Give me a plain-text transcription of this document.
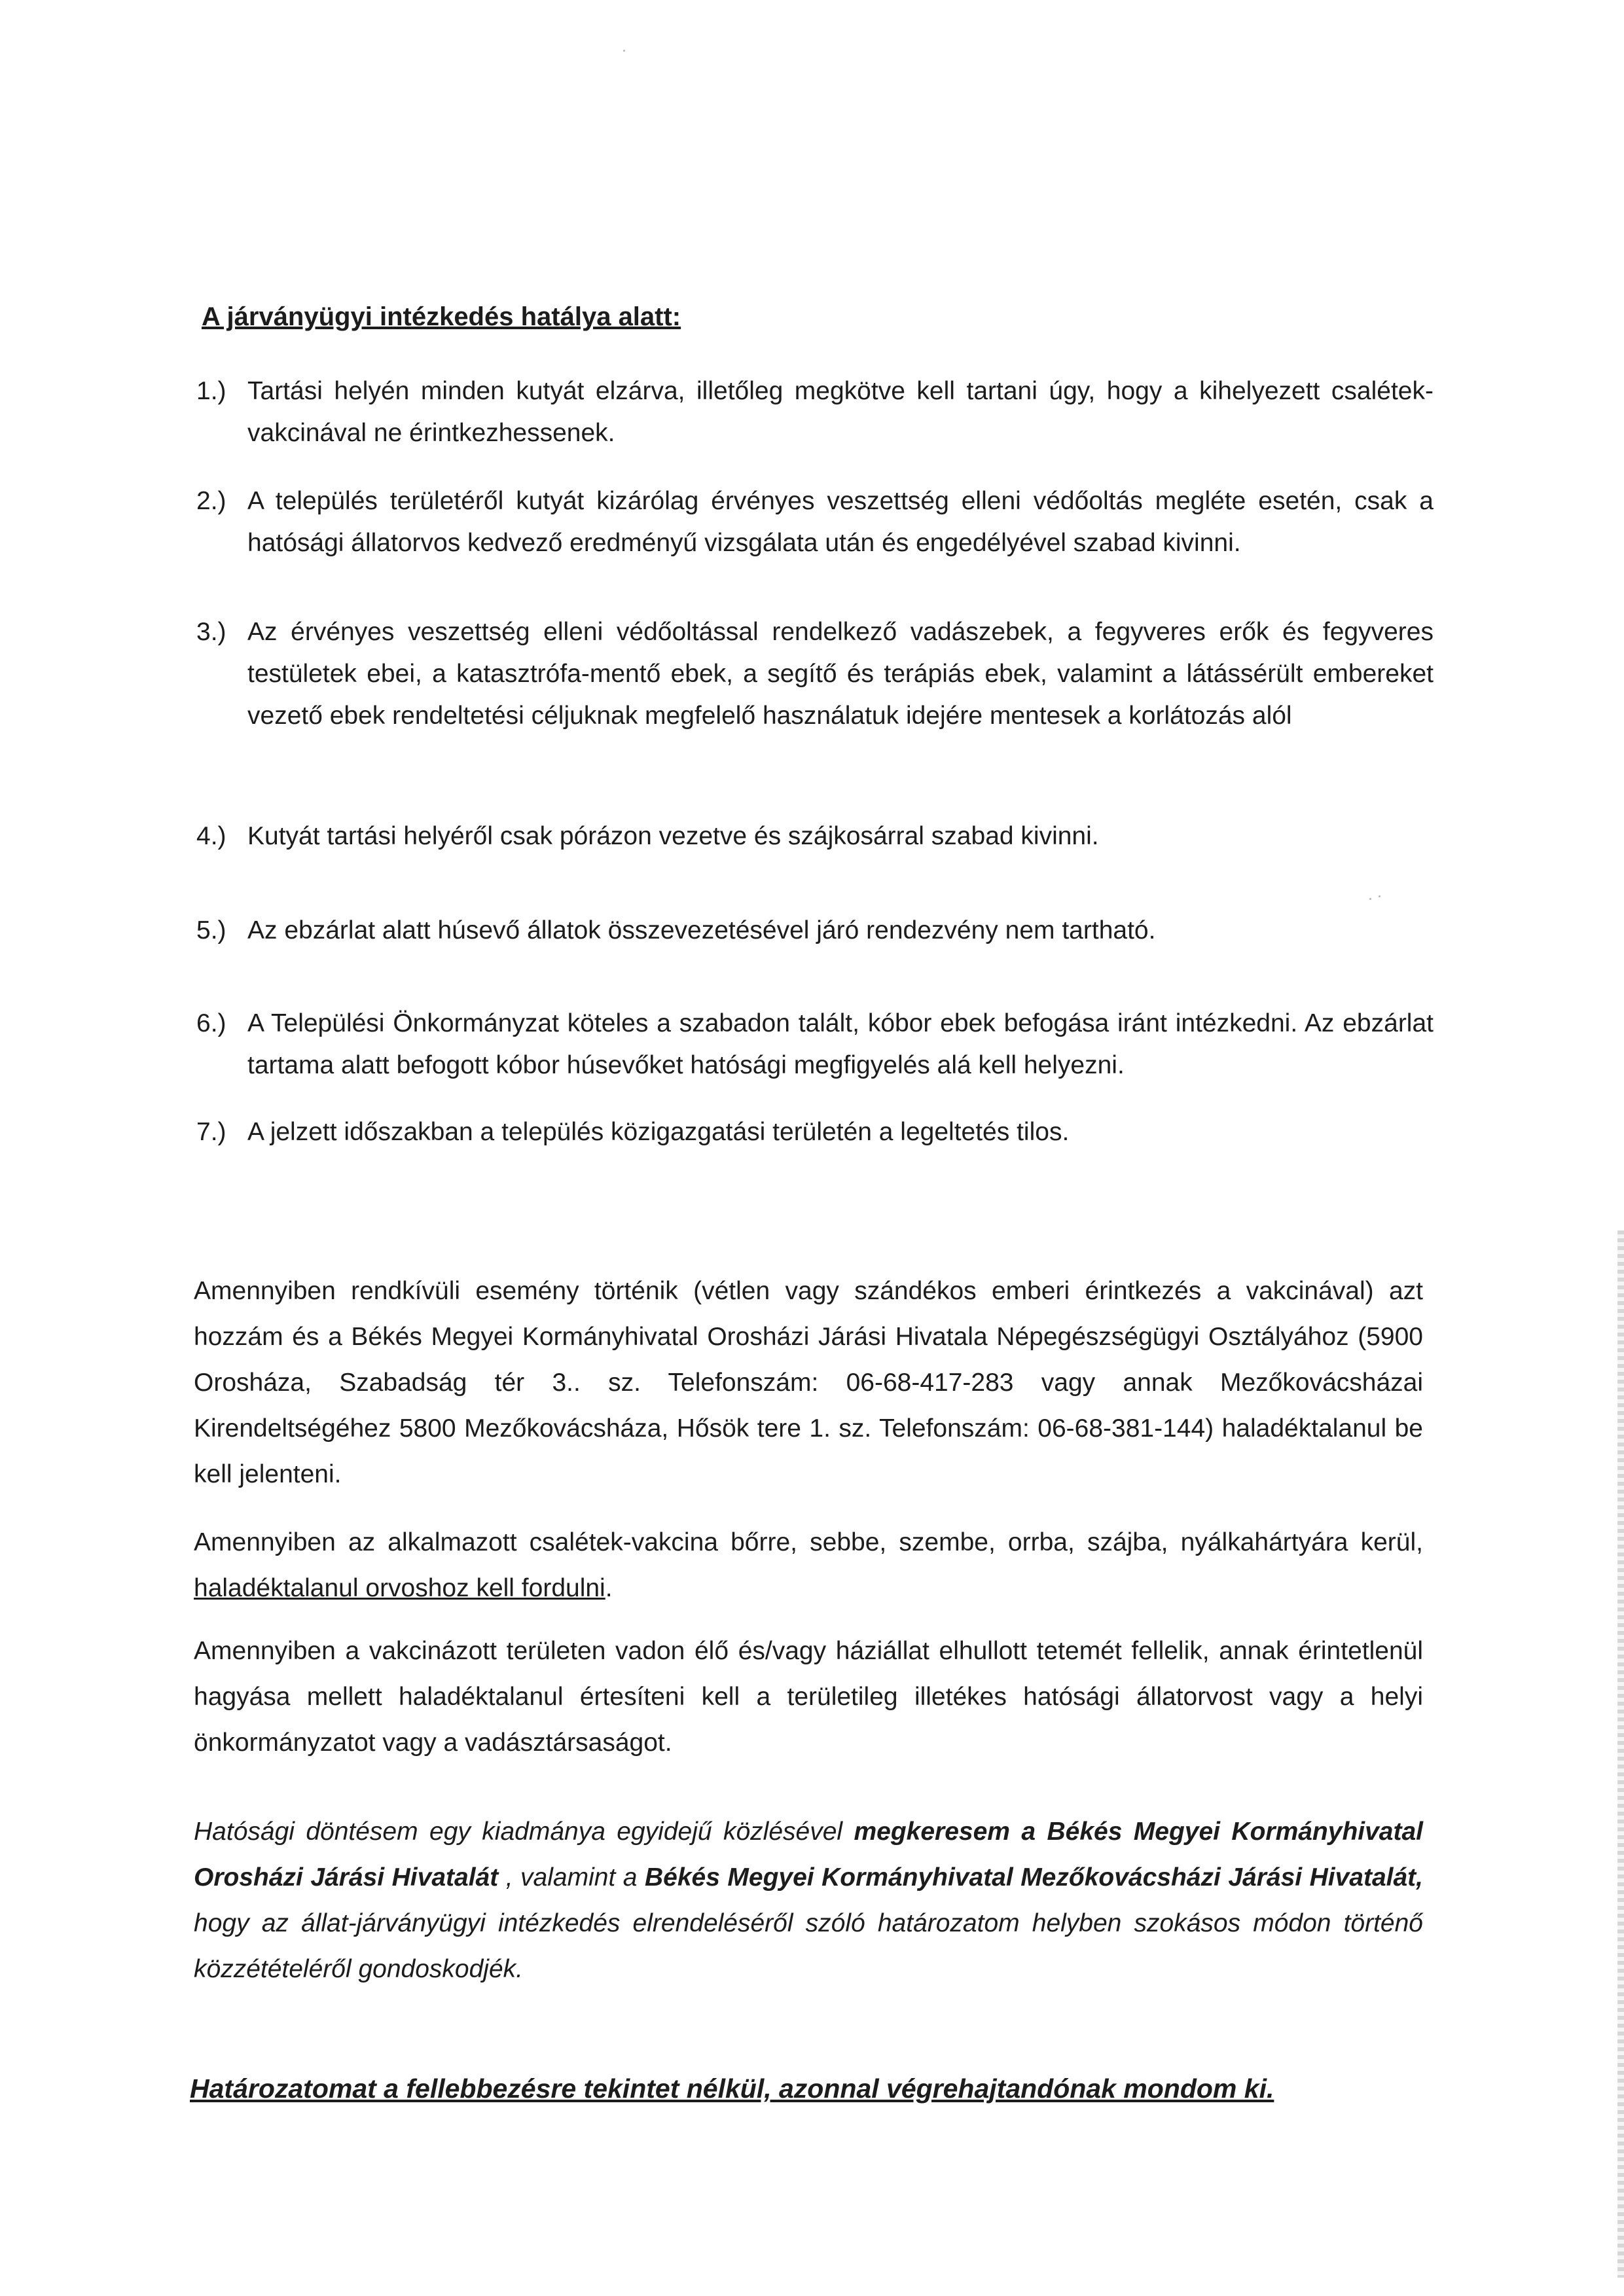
A járványügyi intézkedés hatálya alatt:
1.) Tartási helyén minden kutyát elzárva, illetőleg megkötve kell tartani úgy, hogy a kihelyezett csalétek-vakcinával ne érintkezhessenek.
2.) A település területéről kutyát kizárólag érvényes veszettség elleni védőoltás megléte esetén, csak a hatósági állatorvos kedvező eredményű vizsgálata után és engedélyével szabad kivinni.
3.) Az érvényes veszettség elleni védőoltással rendelkező vadászebek, a fegyveres erők és fegyveres testületek ebei, a katasztrófa-mentő ebek, a segítő és terápiás ebek, valamint a látássérült embereket vezető ebek rendeltetési céljuknak megfelelő használatuk idejére mentesek a korlátozás alól
4.) Kutyát tartási helyéről csak pórázon vezetve és szájkosárral szabad kivinni.
5.) Az ebzárlat alatt húsevő állatok összevezetésével járó rendezvény nem tartható.
6.) A Települési Önkormányzat köteles a szabadon talált, kóbor ebek befogása iránt intézkedni. Az ebzárlat tartama alatt befogott kóbor húsevőket hatósági megfigyelés alá kell helyezni.
7.) A jelzett időszakban a település közigazgatási területén a legeltetés tilos.

Amennyiben rendkívüli esemény történik (vétlen vagy szándékos emberi érintkezés a vakcinával) azt hozzám és a Békés Megyei Kormányhivatal Orosházi Járási Hivatala Népegészségügyi Osztályához (5900 Orosháza, Szabadság tér 3.. sz. Telefonszám: 06-68-417-283 vagy annak Mezőkovácsházai Kirendeltségéhez 5800 Mezőkovácsháza, Hősök tere 1. sz. Telefonszám: 06-68-381-144) haladéktalanul be kell jelenteni.

Amennyiben az alkalmazott csalétek-vakcina bőrre, sebbe, szembe, orrba, szájba, nyálkahártyára kerül, haladéktalanul orvoshoz kell fordulni.

Amennyiben a vakcinázott területen vadon élő és/vagy háziállat elhullott tetemét fellelik, annak érintetlenül hagyása mellett haladéktalanul értesíteni kell a területileg illetékes hatósági állatorvost vagy a helyi önkormányzatot vagy a vadásztársaságot.

Hatósági döntésem egy kiadmánya egyidejű közlésével megkeresem a Békés Megyei Kormányhivatal Orosházi Járási Hivatalát , valamint a Békés Megyei Kormányhivatal Mezőkovácsházi Járási Hivatalát, hogy az állat-járványügyi intézkedés elrendeléséről szóló határozatom helyben szokásos módon történő közzétételéről gondoskodjék.

Határozatomat a fellebbezésre tekintet nélkül, azonnal végrehajtandónak mondom ki.
